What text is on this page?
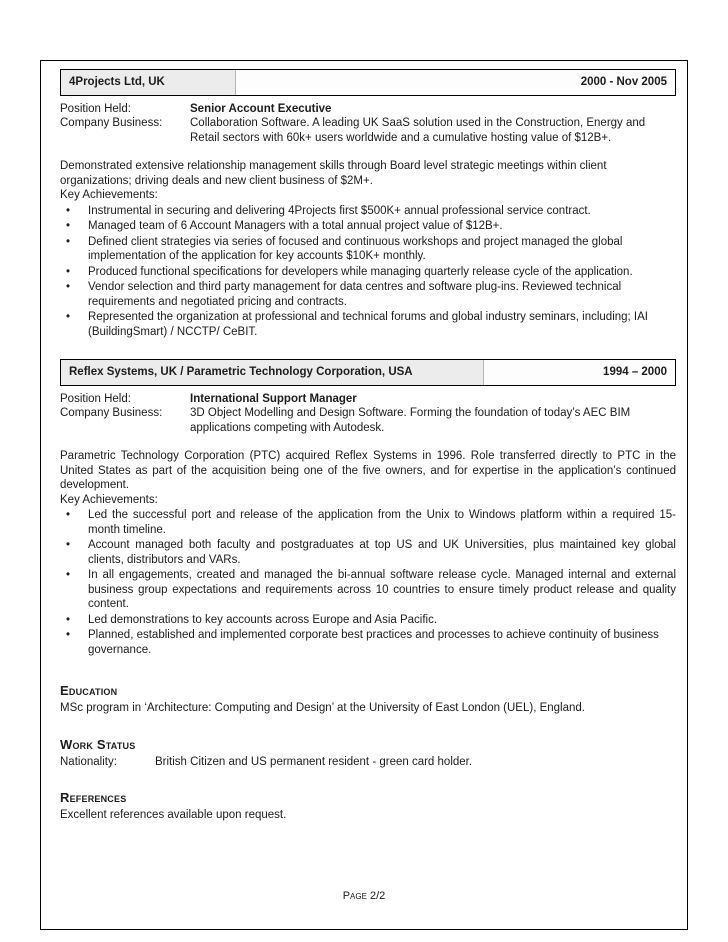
4Projects Ltd, UK	2000 - Nov 2005
Position Held:	Senior Account Executive
Company Business:	Collaboration Software. A leading UK SaaS solution used in the Construction, Energy and Retail sectors with 60k+ users worldwide and a cumulative hosting value of $12B+.

Demonstrated extensive relationship management skills through Board level strategic meetings within client organizations; driving deals and new client business of $2M+.

Key Achievements:
• Instrumental in securing and delivering 4Projects first $500K+ annual professional service contract.
• Managed team of 6 Account Managers with a total annual project value of $12B+.
• Defined client strategies via series of focused and continuous workshops and project managed the global implementation of the application for key accounts $10K+ monthly.
• Produced functional specifications for developers while managing quarterly release cycle of the application.
• Vendor selection and third party management for data centres and software plug-ins. Reviewed technical requirements and negotiated pricing and contracts.
• Represented the organization at professional and technical forums and global industry seminars, including; IAI (BuildingSmart) / NCCTP/ CeBIT.
Reflex Systems, UK / Parametric Technology Corporation, USA	1994 – 2000
Position Held:	International Support Manager
Company Business:	3D Object Modelling and Design Software. Forming the foundation of today’s AEC BIM applications competing with Autodesk.

Parametric Technology Corporation (PTC) acquired Reflex Systems in 1996. Role transferred directly to PTC in the United States as part of the acquisition being one of the five owners, and for expertise in the application’s continued development.

Key Achievements:
• Led the successful port and release of the application from the Unix to Windows platform within a required 15-month timeline.
• Account managed both faculty and postgraduates at top US and UK Universities, plus maintained key global clients, distributors and VARs.
• In all engagements, created and managed the bi-annual software release cycle. Managed internal and external business group expectations and requirements across 10 countries to ensure timely product release and quality content.
• Led demonstrations to key accounts across Europe and Asia Pacific.
• Planned, established and implemented corporate best practices and processes to achieve continuity of business governance.
Education
MSc program in ‘Architecture: Computing and Design’ at the University of East London (UEL), England.
Work Status
Nationality:	British Citizen and US permanent resident - green card holder.
References
Excellent references available upon request.
Page 2/2
